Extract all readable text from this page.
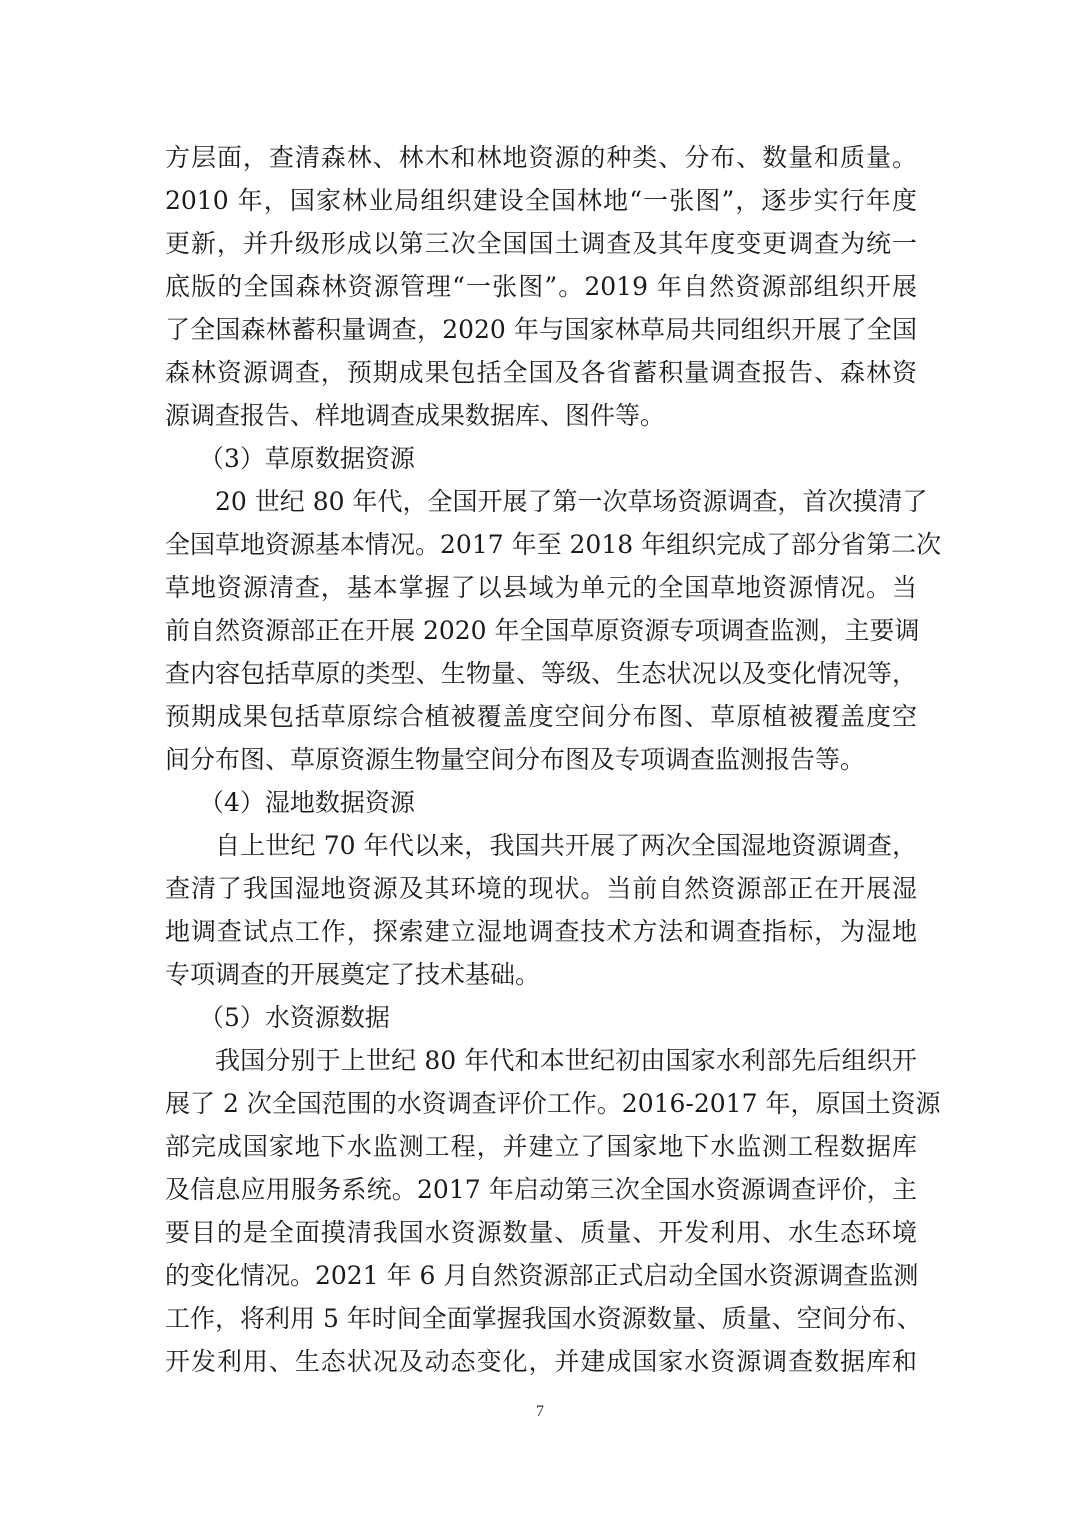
方层面，查清森林、林木和林地资源的种类、分布、数量和质量。
2010 年，国家林业局组织建设全国林地“一张图”，逐步实行年度
更新，并升级形成以第三次全国国土调查及其年度变更调查为统一
底版的全国森林资源管理“一张图”。2019 年自然资源部组织开展
了全国森林蓄积量调查，2020 年与国家林草局共同组织开展了全国
森林资源调查，预期成果包括全国及各省蓄积量调查报告、森林资
源调查报告、样地调查成果数据库、图件等。
（3）草原数据资源
20 世纪 80 年代，全国开展了第一次草场资源调查，首次摸清了
全国草地资源基本情况。2017 年至 2018 年组织完成了部分省第二次
草地资源清查，基本掌握了以县域为单元的全国草地资源情况。当
前自然资源部正在开展 2020 年全国草原资源专项调查监测，主要调
查内容包括草原的类型、生物量、等级、生态状况以及变化情况等，
预期成果包括草原综合植被覆盖度空间分布图、草原植被覆盖度空
间分布图、草原资源生物量空间分布图及专项调查监测报告等。
（4）湿地数据资源
自上世纪 70 年代以来，我国共开展了两次全国湿地资源调查，
查清了我国湿地资源及其环境的现状。当前自然资源部正在开展湿
地调查试点工作，探索建立湿地调查技术方法和调查指标，为湿地
专项调查的开展奠定了技术基础。
（5）水资源数据
我国分别于上世纪 80 年代和本世纪初由国家水利部先后组织开
展了 2 次全国范围的水资调查评价工作。2016-2017 年，原国土资源
部完成国家地下水监测工程，并建立了国家地下水监测工程数据库
及信息应用服务系统。2017 年启动第三次全国水资源调查评价，主
要目的是全面摸清我国水资源数量、质量、开发利用、水生态环境
的变化情况。2021 年 6 月自然资源部正式启动全国水资源调查监测
工作，将利用 5 年时间全面掌握我国水资源数量、质量、空间分布、
开发利用、生态状况及动态变化，并建成国家水资源调查数据库和
7
